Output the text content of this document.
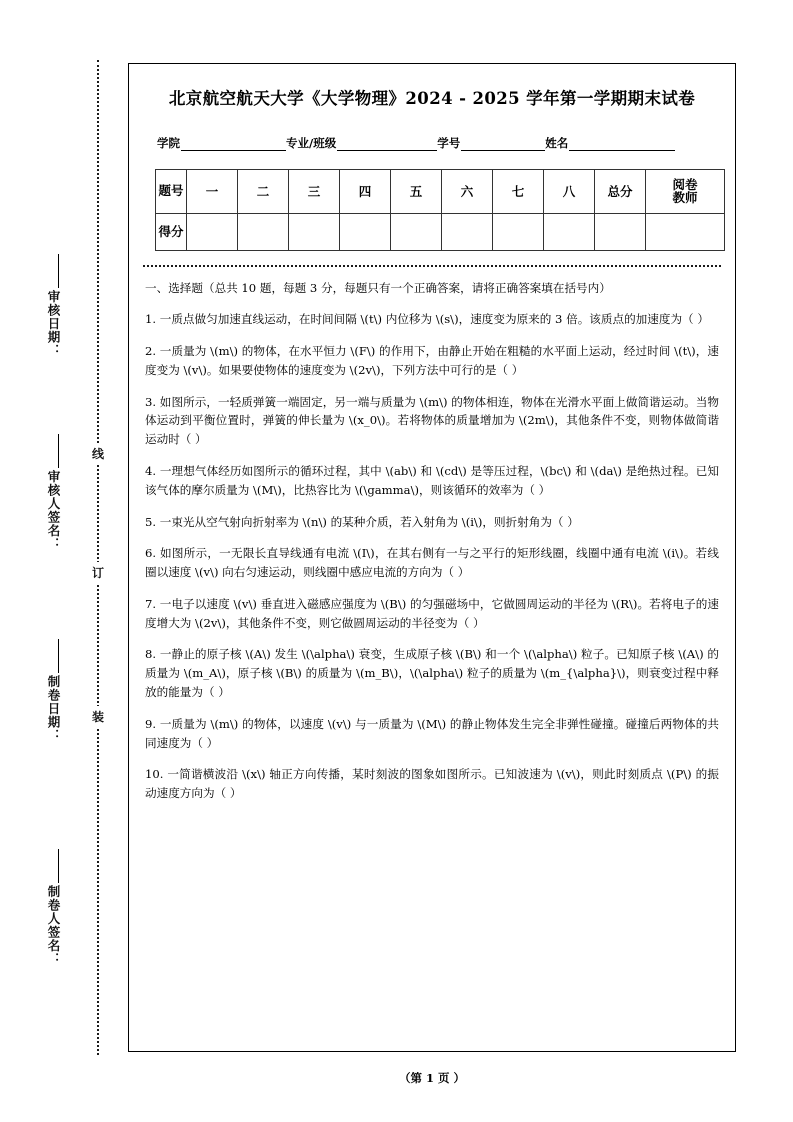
审核日期：
审核人签名：
制卷日期：
制卷人签名：
北京航空航天大学《大学物理》2024 - 2025 学年第一学期期末试卷
学院	专业/班级	学号	姓名
题号	一	二	三	四	五	六	七	八	总分	阅卷
教师

得分										
一、选择题（总共 10 题，每题 3 分，每题只有一个正确答案，请将正确答案填在括号内）
1. 一质点做匀加速直线运动，在时间间隔 \(t\) 内位移为 \(s\)，速度变为原来的 3 倍。该质点的加速度为（ ）
2. 一质量为 \(m\) 的物体，在水平恒力 \(F\) 的作用下，由静止开始在粗糙的水平面上运动，经过时间 \(t\)，速度变为 \(v\)。如果要使物体的速度变为 \(2v\)，下列方法中可行的是（ ）
3. 如图所示，一轻质弹簧一端固定，另一端与质量为 \(m\) 的物体相连，物体在光滑水平面上做简谐运动。当物体运动到平衡位置时，弹簧的伸长量为 \(x_0\)。若将物体的质量增加为 \(2m\)，其他条件不变，则物体做简谐运动时（ ）
4. 一理想气体经历如图所示的循环过程，其中 \(ab\) 和 \(cd\) 是等压过程，\(bc\) 和 \(da\) 是绝热过程。已知该气体的摩尔质量为 \(M\)，比热容比为 \(\gamma\)，则该循环的效率为（ ）
5. 一束光从空气射向折射率为 \(n\) 的某种介质，若入射角为 \(i\)，则折射角为（ ）
6. 如图所示，一无限长直导线通有电流 \(I\)，在其右侧有一与之平行的矩形线圈，线圈中通有电流 \(i\)。若线圈以速度 \(v\) 向右匀速运动，则线圈中感应电流的方向为（ ）
7. 一电子以速度 \(v\) 垂直进入磁感应强度为 \(B\) 的匀强磁场中，它做圆周运动的半径为 \(R\)。若将电子的速度增大为 \(2v\)，其他条件不变，则它做圆周运动的半径变为（ ）
8. 一静止的原子核 \(A\) 发生 \(\alpha\) 衰变，生成原子核 \(B\) 和一个 \(\alpha\) 粒子。已知原子核 \(A\) 的质量为 \(m_A\)，原子核 \(B\) 的质量为 \(m_B\)，\(\alpha\) 粒子的质量为 \(m_{\alpha}\)，则衰变过程中释放的能量为（ ）
9. 一质量为 \(m\) 的物体，以速度 \(v\) 与一质量为 \(M\) 的静止物体发生完全非弹性碰撞。碰撞后两物体的共同速度为（ ）
10. 一简谐横波沿 \(x\) 轴正方向传播，某时刻波的图象如图所示。已知波速为 \(v\)，则此时刻质点 \(P\) 的振动速度方向为（ ）
（第 1 页 ）
线
订
装
